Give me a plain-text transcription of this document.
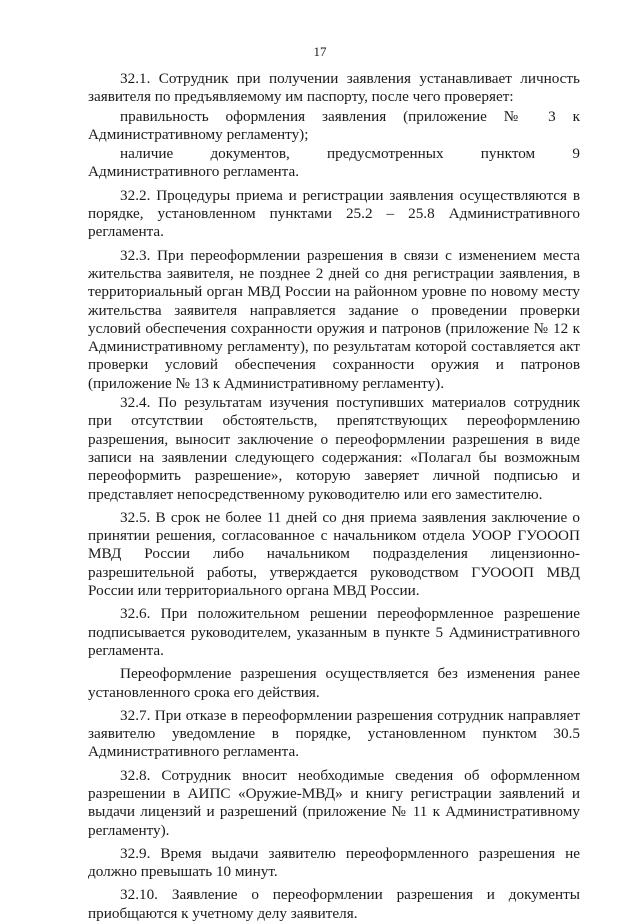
17

32.1. Сотрудник при получении заявления устанавливает личность заявителя по предъявляемому им паспорту, после чего проверяет:

правильность оформления заявления (приложение № 3 к Административному регламенту);

наличие документов, предусмотренных пунктом 9 Административного регламента.

32.2. Процедуры приема и регистрации заявления осуществляются в порядке, установленном пунктами 25.2 – 25.8 Административного регламента.

32.3. При переоформлении разрешения в связи с изменением места жительства заявителя, не позднее 2 дней со дня регистрации заявления, в территориальный орган МВД России на районном уровне по новому месту жительства заявителя направляется задание о проведении проверки условий обеспечения сохранности оружия и патронов (приложение № 12 к Административному регламенту), по результатам которой составляется акт проверки условий обеспечения сохранности оружия и патронов (приложение № 13 к Административному регламенту).

32.4. По результатам изучения поступивших материалов сотрудник при отсутствии обстоятельств, препятствующих переоформлению разрешения, выносит заключение о переоформлении разрешения в виде записи на заявлении следующего содержания: «Полагал бы возможным переоформить разрешение», которую заверяет личной подписью и представляет непосредственному руководителю или его заместителю.

32.5. В срок не более 11 дней со дня приема заявления заключение о принятии решения, согласованное с начальником отдела УООР ГУОООП МВД России либо начальником подразделения лицензионно-разрешительной работы, утверждается руководством ГУОООП МВД России или территориального органа МВД России.

32.6. При положительном решении переоформленное разрешение подписывается руководителем, указанным в пункте 5 Административного регламента.

Переоформление разрешения осуществляется без изменения ранее установленного срока его действия.

32.7. При отказе в переоформлении разрешения сотрудник направляет заявителю уведомление в порядке, установленном пунктом 30.5 Административного регламента.

32.8. Сотрудник вносит необходимые сведения об оформленном разрешении в АИПС «Оружие-МВД» и книгу регистрации заявлений и выдачи лицензий и разрешений (приложение № 11 к Административному регламенту).

32.9. Время выдачи заявителю переоформленного разрешения не должно превышать 10 минут.

32.10. Заявление о переоформлении разрешения и документы приобщаются к учетному делу заявителя.
